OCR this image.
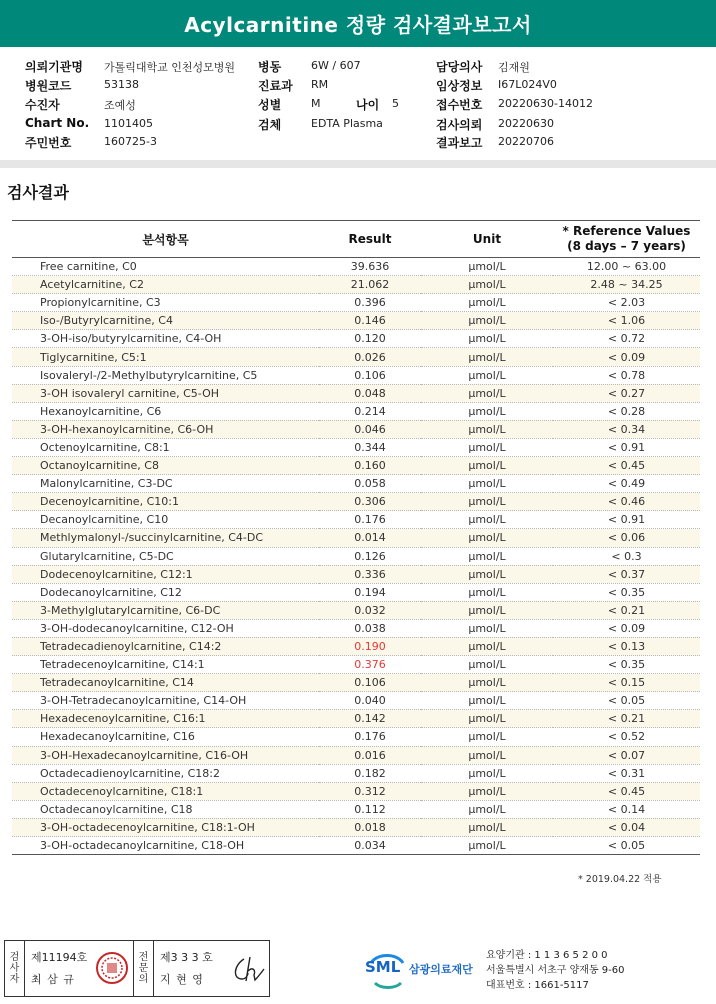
Acylcarnitine 정량 검사결과보고서
의뢰기관명 가톨릭대학교 인천성모병원
병원코드	53138
수진자	조예성
Chart No. 1101405
주민번호	160725-3
병동	6W / 607
진료과 RM
성별	M	나이 5
검체	EDTA Plasma
담당의사 김재원
임상정보 I67L024V0
접수번호 20220630-14012
검사의뢰 20220630
결과보고 20220706
검사결과
분석항목	Result	Unit	* Reference Values
(8 days – 7 years)

Free carnitine, C0	39.636	μmol/L	12.00 ~ 63.00
Acetylcarnitine, C2	21.062	μmol/L	2.48 ~ 34.25
Propionylcarnitine, C3	0.396	μmol/L	< 2.03
Iso-/Butyrylcarnitine, C4	0.146	μmol/L	< 1.06
3-OH-iso/butyrylcarnitine, C4-OH	0.120	μmol/L	< 0.72
Tiglycarnitine, C5:1	0.026	μmol/L	< 0.09
Isovaleryl-/2-Methylbutyrylcarnitine, C5	0.106	μmol/L	< 0.78
3-OH isovaleryl carnitine, C5-OH	0.048	μmol/L	< 0.27
Hexanoylcarnitine, C6	0.214	μmol/L	< 0.28
3-OH-hexanoylcarnitine, C6-OH	0.046	μmol/L	< 0.34
Octenoylcarnitine, C8:1	0.344	μmol/L	< 0.91
Octanoylcarnitine, C8	0.160	μmol/L	< 0.45
Malonylcarnitine, C3-DC	0.058	μmol/L	< 0.49
Decenoylcarnitine, C10:1	0.306	μmol/L	< 0.46
Decanoylcarnitine, C10	0.176	μmol/L	< 0.91
Methlymalonyl-/succinylcarnitine, C4-DC	0.014	μmol/L	< 0.06
Glutarylcarnitine, C5-DC	0.126	μmol/L	< 0.3
Dodecenoylcarnitine, C12:1	0.336	μmol/L	< 0.37
Dodecanoylcarnitine, C12	0.194	μmol/L	< 0.35
3-Methylglutarylcarnitine, C6-DC	0.032	μmol/L	< 0.21
3-OH-dodecanoylcarnitine, C12-OH	0.038	μmol/L	< 0.09
Tetradecadienoylcarnitine, C14:2	0.190	μmol/L	< 0.13
Tetradecenoylcarnitine, C14:1	0.376	μmol/L	< 0.35
Tetradecanoylcarnitine, C14	0.106	μmol/L	< 0.15
3-OH-Tetradecanoylcarnitine, C14-OH	0.040	μmol/L	< 0.05
Hexadecenoylcarnitine, C16:1	0.142	μmol/L	< 0.21
Hexadecanoylcarnitine, C16	0.176	μmol/L	< 0.52
3-OH-Hexadecanoylcarnitine, C16-OH	0.016	μmol/L	< 0.07
Octadecadienoylcarnitine, C18:2	0.182	μmol/L	< 0.31
Octadecenoylcarnitine, C18:1	0.312	μmol/L	< 0.45
Octadecanoylcarnitine, C18	0.112	μmol/L	< 0.14
3-OH-octadecenoylcarnitine, C18:1-OH	0.018	μmol/L	< 0.04
3-OH-octadecanoylcarnitine, C18-OH	0.034	μmol/L	< 0.05
* 2019.04.22 적용
검
사
자
제11194호
최 삼 규
전
문
의
제3 3 3 호
지 현 영
SML 삼광의료재단
요양기관 : 1 1 3 6 5 2 0 0
서울특별시 서초구 양재동 9-60
대표번호 : 1661-5117
